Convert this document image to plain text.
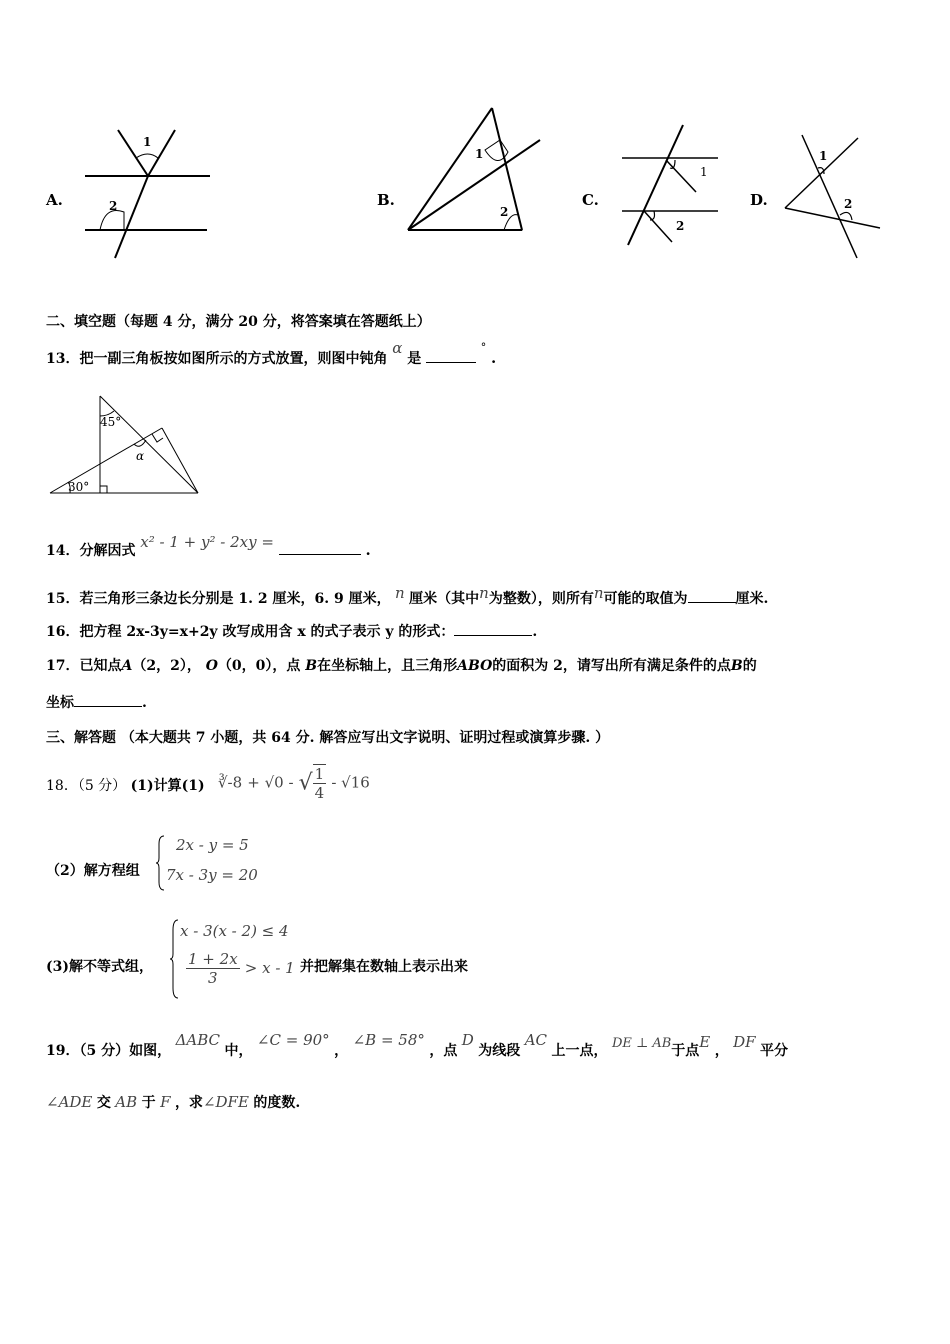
A.
1
2	B.
1
2
C.
1
2
D.
1
2
二、填空题（每题 4 分，满分 20 分，将答案填在答题纸上）
13．把一副三角板按如图所示的方式放置，则图中钝角 α 是  ° .
45°
30°
α
14．分解因式 x² - 1 + y² - 2xy =	.
15．若三角形三条边长分别是 1. 2 厘米，6. 9 厘米， n 厘米（其中n为整数），则所有n可能的取值为	厘米.
16．把方程 2x-3y=x+2y 改写成用含 x 的式子表示 y 的形式：	.
17．已知点A（2，2）， O（0，0），点 B在坐标轴上，且三角形ABO的面积为 2，请写出所有满足条件的点B的
坐标	.
三、解答题 （本大题共 7 小题，共 64 分. 解答应写出文字说明、证明过程或演算步骤. ）
18．（5 分） (1)计算(1) ∛-8 + √0 - √ $\frac{1}{4} - √16$
（2）解方程组
2x - y = 5
7x - 3y = 20
(3)解不等式组，
x - 3(x - 2) ≤ 4
$\frac{1 + 2x}{3} > x - 1$ 并把解集在数轴上表示出来
19．（5 分）如图， ΔABC 中， ∠C = 90° ， ∠B = 58° ，点 D 为线段 AC 上一点， DE ⊥ AB于点E ， DF 平分
∠ADE 交 AB 于 F ，求∠DFE 的度数.
